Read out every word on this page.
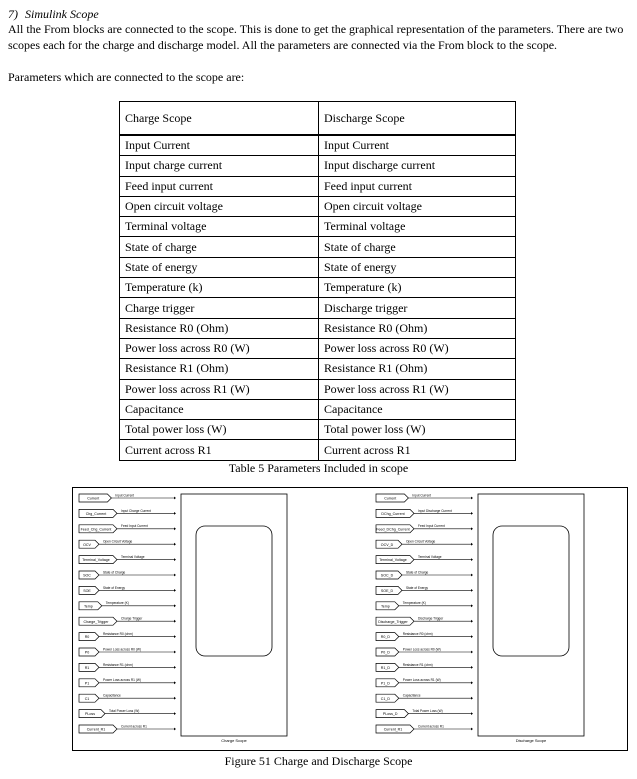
7) Simulink Scope
All the From blocks are connected to the scope. This is done to get the graphical representation of the parameters. There are two scopes each for the charge and discharge model. All the parameters are connected via the From block to the scope.
Parameters which are connected to the scope are:
Charge Scope	Discharge Scope
Input Current	Input Current
Input charge current	Input discharge current
Feed input current	Feed input current
Open circuit voltage	Open circuit voltage
Terminal voltage	Terminal voltage
State of charge	State of charge
State of energy	State of energy
Temperature (k)	Temperature (k)
Charge trigger	Discharge trigger
Resistance R0 (Ohm)	Resistance R0 (Ohm)
Power loss across R0 (W)	Power loss across R0 (W)
Resistance R1 (Ohm)	Resistance R1 (Ohm)
Power loss across R1 (W)	Power loss across R1 (W)
Capacitance	Capacitance
Total power loss (W)	Total power loss (W)
Current across R1	Current across R1
Table 5 Parameters Included in scope
Current
Input Current
Chg_Current
Input Charge Current
Feed_Chg_Current
Feed Input Current
OCV
Open Circuit Voltage
Terminal_Voltage
Terminal Voltage
SOC
State of Charge
SOE
State of Energy
Temp
Temperature (K)
Charge_Trigger
Charge Trigger
R0
Resistance R0 (ohm)
P0
Power Loss across R0 (W)
R1
Resistance R1 (ohm)
P1
Power Loss across R1 (W)
C1
Capacitance
PLoss
Total Power Loss (W)
Current_R1
Current across R1
Charge Scope
Current
Input Current
DChg_Current
Input Discharge Current
Feed_DChg_Current
Feed Input Current
OCV_D
Open Circuit Voltage
Terminal_Voltage
Terminal Voltage
SOC_D
State of Charge
SOE_D
State of Energy
Temp
Temperature (K)
Discharge_Trigger
Discharge Trigger
R0_D
Resistance R0 (ohm)
P0_D
Power Loss across R0 (W)
R1_D
Resistance R1 (ohm)
P1_D
Power Loss across R1 (W)
C1_D
Capacitance
PLoss_D
Total Power Loss (W)
Current_R1
Current across R1
Discharge Scope
Figure 51 Charge and Discharge Scope
